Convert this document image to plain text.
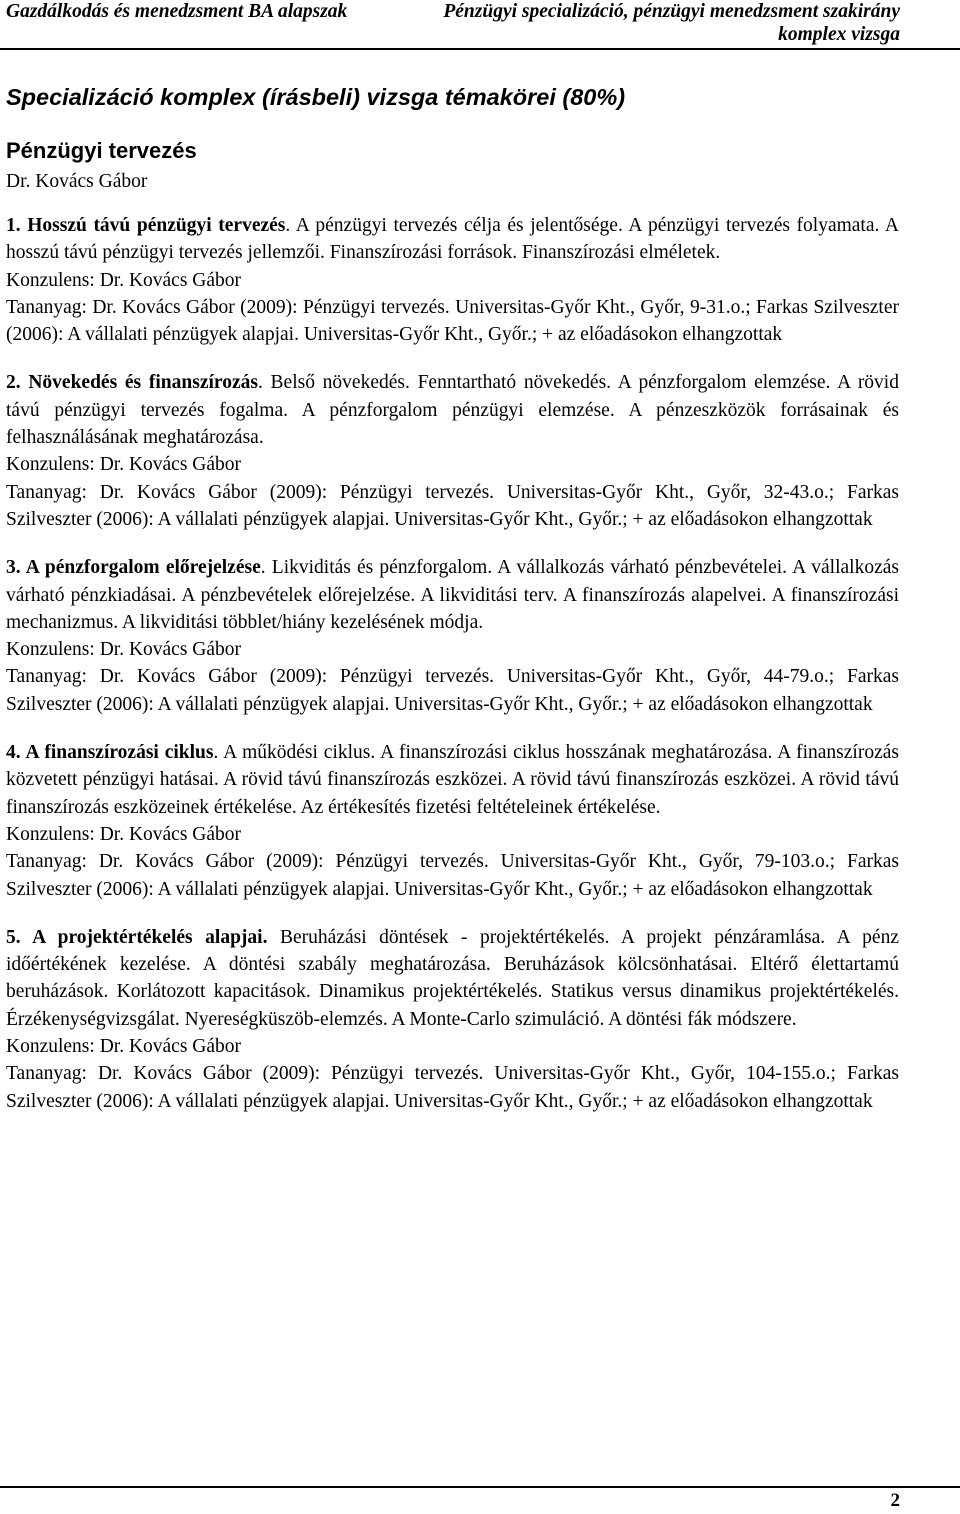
Gazdálkodás és menedzsment BA alapszak	Pénzügyi specializáció, pénzügyi menedzsment szakirány
komplex vizsga
Specializáció komplex (írásbeli) vizsga témakörei (80%)
Pénzügyi tervezés
Dr. Kovács Gábor

1. Hosszú távú pénzügyi tervezés. A pénzügyi tervezés célja és jelentősége. A pénzügyi tervezés folyamata. A hosszú távú pénzügyi tervezés jellemzői. Finanszírozási források. Finanszírozási elméletek.

Konzulens: Dr. Kovács Gábor

Tananyag: Dr. Kovács Gábor (2009): Pénzügyi tervezés. Universitas-Győr Kht., Győr, 9-31.o.; Farkas Szilveszter (2006): A vállalati pénzügyek alapjai. Universitas-Győr Kht., Győr.; + az előadásokon elhangzottak

2. Növekedés és finanszírozás. Belső növekedés. Fenntartható növekedés. A pénzforgalom elemzése. A rövid távú pénzügyi tervezés fogalma. A pénzforgalom pénzügyi elemzése. A pénzeszközök forrásainak és felhasználásának meghatározása.

Konzulens: Dr. Kovács Gábor

Tananyag: Dr. Kovács Gábor (2009): Pénzügyi tervezés. Universitas-Győr Kht., Győr, 32-43.o.; Farkas Szilveszter (2006): A vállalati pénzügyek alapjai. Universitas-Győr Kht., Győr.; + az előadásokon elhangzottak

3. A pénzforgalom előrejelzése. Likviditás és pénzforgalom. A vállalkozás várható pénzbevételei. A vállalkozás várható pénzkiadásai. A pénzbevételek előrejelzése. A likviditási terv. A finanszírozás alapelvei. A finanszírozási mechanizmus. A likviditási többlet/hiány kezelésének módja.

Konzulens: Dr. Kovács Gábor

Tananyag: Dr. Kovács Gábor (2009): Pénzügyi tervezés. Universitas-Győr Kht., Győr, 44-79.o.; Farkas Szilveszter (2006): A vállalati pénzügyek alapjai. Universitas-Győr Kht., Győr.; + az előadásokon elhangzottak

4. A finanszírozási ciklus. A működési ciklus. A finanszírozási ciklus hosszának meghatározása. A finanszírozás közvetett pénzügyi hatásai. A rövid távú finanszírozás eszközei. A rövid távú finanszírozás eszközei. A rövid távú finanszírozás eszközeinek értékelése. Az értékesítés fizetési feltételeinek értékelése.

Konzulens: Dr. Kovács Gábor

Tananyag: Dr. Kovács Gábor (2009): Pénzügyi tervezés. Universitas-Győr Kht., Győr, 79-103.o.; Farkas Szilveszter (2006): A vállalati pénzügyek alapjai. Universitas-Győr Kht., Győr.; + az előadásokon elhangzottak

5. A projektértékelés alapjai. Beruházási döntések - projektértékelés. A projekt pénzáramlása. A pénz időértékének kezelése. A döntési szabály meghatározása. Beruházások kölcsönhatásai. Eltérő élettartamú beruházások. Korlátozott kapacitások. Dinamikus projektértékelés. Statikus versus dinamikus projektértékelés. Érzékenységvizsgálat. Nyereségküszöb-elemzés. A Monte-Carlo szimuláció. A döntési fák módszere.

Konzulens: Dr. Kovács Gábor

Tananyag: Dr. Kovács Gábor (2009): Pénzügyi tervezés. Universitas-Győr Kht., Győr, 104-155.o.; Farkas Szilveszter (2006): A vállalati pénzügyek alapjai. Universitas-Győr Kht., Győr.; + az előadásokon elhangzottak

2
